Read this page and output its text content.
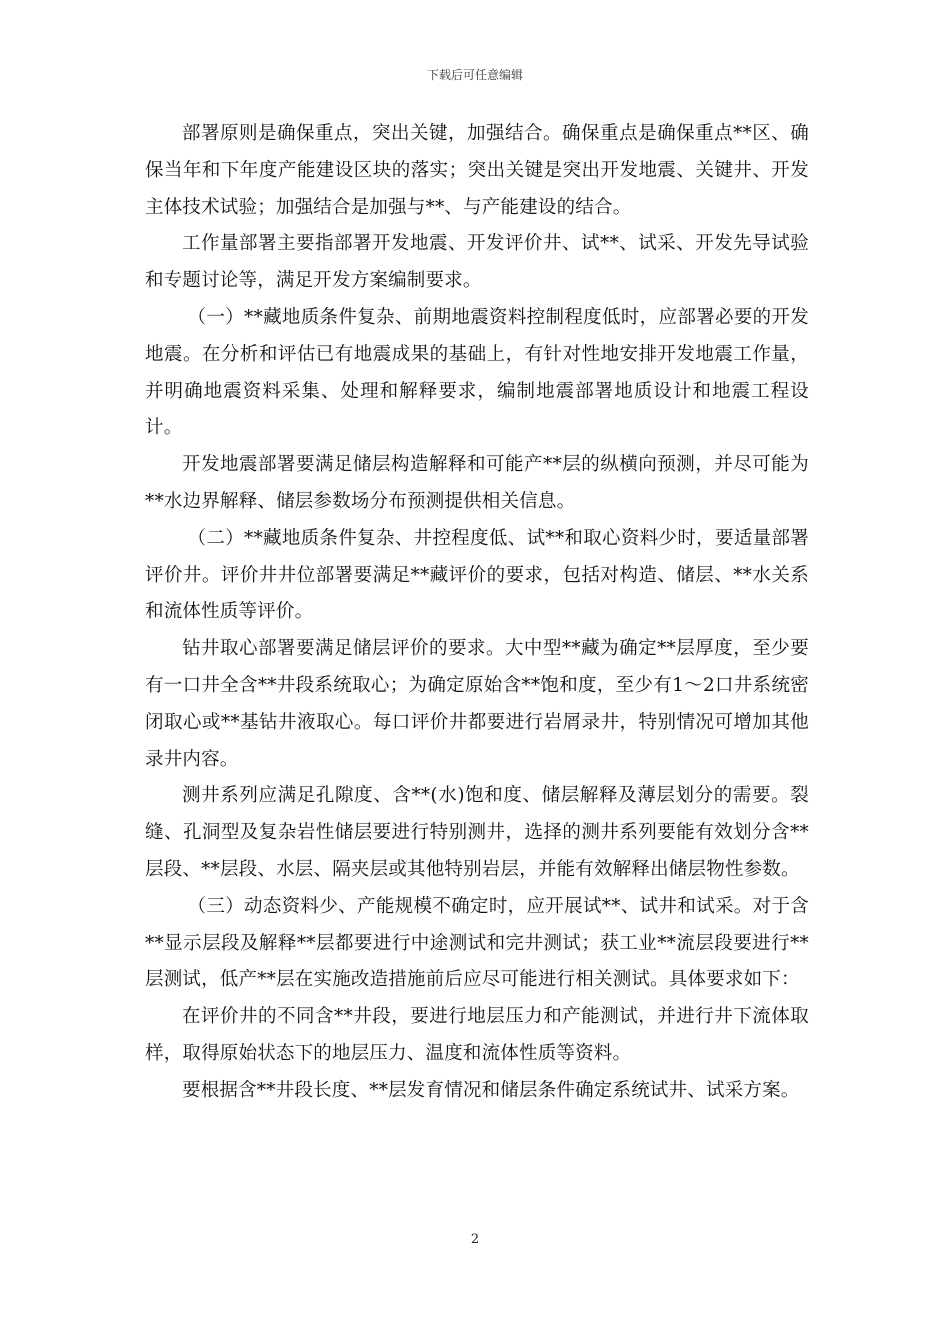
下载后可任意编辑

部署原则是确保重点，突出关键，加强结合。确保重点是确保重点**区、确保当年和下年度产能建设区块的落实；突出关键是突出开发地震、关键井、开发主体技术试验；加强结合是加强与**、与产能建设的结合。

工作量部署主要指部署开发地震、开发评价井、试**、试采、开发先导试验和专题讨论等，满足开发方案编制要求。

（一）**藏地质条件复杂、前期地震资料控制程度低时，应部署必要的开发地震。在分析和评估已有地震成果的基础上，有针对性地安排开发地震工作量，并明确地震资料采集、处理和解释要求，编制地震部署地质设计和地震工程设计。

开发地震部署要满足储层构造解释和可能产**层的纵横向预测，并尽可能为**水边界解释、储层参数场分布预测提供相关信息。

（二）**藏地质条件复杂、井控程度低、试**和取心资料少时，要适量部署评价井。评价井井位部署要满足**藏评价的要求，包括对构造、储层、**水关系和流体性质等评价。

钻井取心部署要满足储层评价的要求。大中型**藏为确定**层厚度，至少要有一口井全含**井段系统取心；为确定原始含**饱和度，至少有1～2口井系统密闭取心或**基钻井液取心。每口评价井都要进行岩屑录井，特别情况可增加其他录井内容。

测井系列应满足孔隙度、含**(水)饱和度、储层解释及薄层划分的需要。裂缝、孔洞型及复杂岩性储层要进行特别测井，选择的测井系列要能有效划分含**层段、**层段、水层、隔夹层或其他特别岩层，并能有效解释出储层物性参数。

（三）动态资料少、产能规模不确定时，应开展试**、试井和试采。对于含**显示层段及解释**层都要进行中途测试和完井测试；获工业**流层段要进行**层测试，低产**层在实施改造措施前后应尽可能进行相关测试。具体要求如下：

在评价井的不同含**井段，要进行地层压力和产能测试，并进行井下流体取样，取得原始状态下的地层压力、温度和流体性质等资料。

要根据含**井段长度、**层发育情况和储层条件确定系统试井、试采方案。

2
